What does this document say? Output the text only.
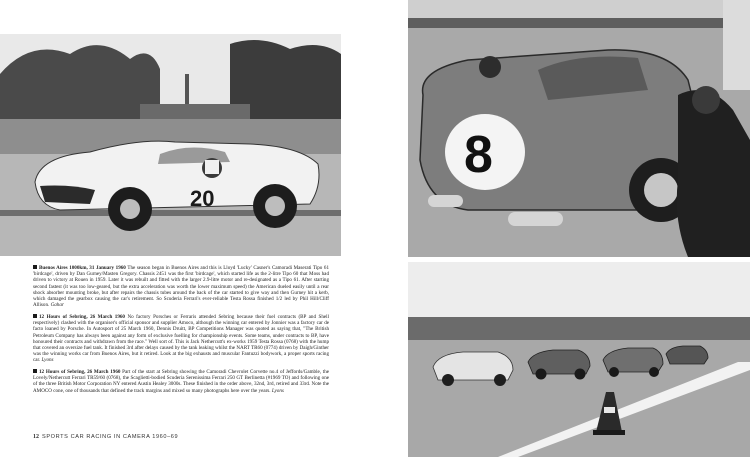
20
8

Buenos Aires 1000km, 31 January 1960 The season began in Buenos Aires and this is Lloyd 'Lucky' Casner's Camoradi Maserati Tipo 61 'birdcage', driven by Dan Gurney/Masten Gregory. Chassis 2451 was the first 'birdcage', which started life as the 2-litre Tipo 60 that Moss had driven to victory at Rouen in 1959. Later it was rebuilt and fitted with the larger 2.9-litre motor and re-designated as a Tipo 61. After starting second fastest (it was too low-geared, but the extra acceleration was worth the lower maximum speed) the American dueled easily until a rear shock absorber mounting broke, but after repairs the chassis tubes around the back of the car started to give way and then Gurney hit a kerb, which damaged the gearbox causing the car's retirement. So Scuderia Ferrari's ever-reliable Testa Rossa finished 1/2 led by Phil Hill/Cliff Allison. Gahar

12 Hours of Sebring, 26 March 1960 No factory Porsches or Ferraris attended Sebring because their fuel contracts (BP and Shell respectively) clashed with the organiser's official sponsor and supplier Amoco, although the winning car entered by Jonnier was a factory car de facto loaned by Porsche. In Autosport of 25 March 1960, Dennis Druitt, BP Competitions Manager was quoted as saying that, "The British Petroleum Company has always been against any form of exclusive fuelling for championship events. Some teams, under contracts to BP, have honoured their contracts and withdrawn from the race." Well sort of. This is Jack Nethercutt's ex-works 1959 Testa Rossa (0768) with the hump that covered an oversize fuel tank. It finished 3rd after delays caused by the tank leaking whilst the NART TR60 (0774) driven by Daigh/Ginther was the winning works car from Buenos Aires, but it retired. Look at the big exhausts and muscular Fantuzzi bodywork, a proper sports racing car. Lyons

12 Hours of Sebring, 26 March 1960 Part of the start at Sebring showing the Camoradi Chevrolet Corvette no.4 of Jeffords/Gamble, the Lovely/Nethercutt Ferrari TR59/60 (0768), the Scaglietti-bodied Scuderia Serenissima Ferrari 250 GT Berlinetta (#1969 TO) and following one of the three British Motor Corporation NY entered Austin Healey 3000s. These finished in the order above, 32nd, 3rd, retired and 33rd. Note the AMOCO cone, one of thousands that defined the track margins and mixed so many photographs here over the years. Lyons

12 SPORTS CAR RACING IN CAMERA 1960–69
